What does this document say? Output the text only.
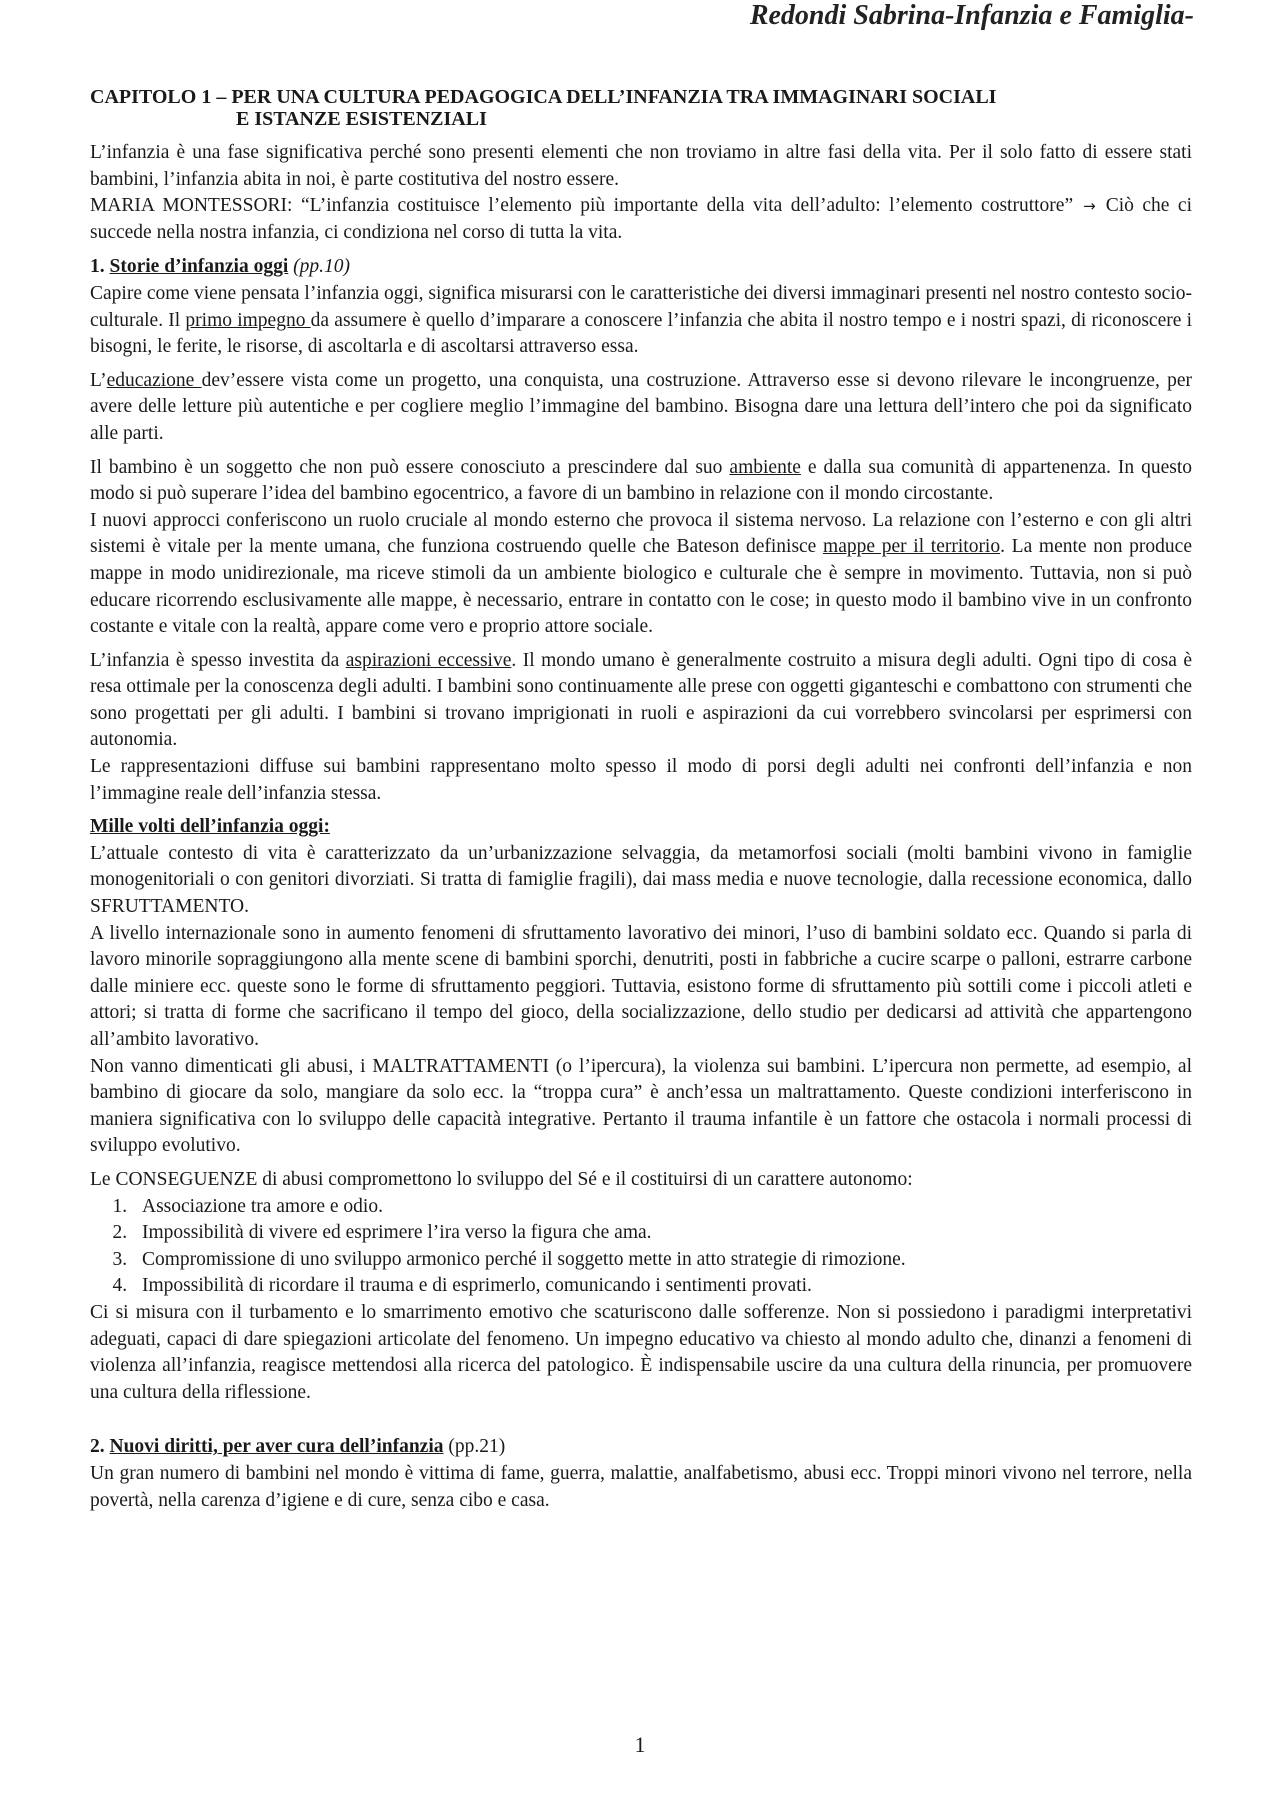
Redondi Sabrina-Infanzia e Famiglia-
CAPITOLO 1 – PER UNA CULTURA PEDAGOGICA DELL’INFANZIA TRA IMMAGINARI SOCIALI
E ISTANZE ESISTENZIALI

L’infanzia è una fase significativa perché sono presenti elementi che non troviamo in altre fasi della vita. Per il solo fatto di essere stati bambini, l’infanzia abita in noi, è parte costitutiva del nostro essere.

MARIA MONTESSORI: “L’infanzia costituisce l’elemento più importante della vita dell’adulto: l’elemento costruttore” → Ciò che ci succede nella nostra infanzia, ci condiziona nel corso di tutta la vita.

1. Storie d’infanzia oggi (pp.10)

Capire come viene pensata l’infanzia oggi, significa misurarsi con le caratteristiche dei diversi immaginari presenti nel nostro contesto socio-culturale. Il primo impegno da assumere è quello d’imparare a conoscere l’infanzia che abita il nostro tempo e i nostri spazi, di riconoscere i bisogni, le ferite, le risorse, di ascoltarla e di ascoltarsi attraverso essa.

L’educazione dev’essere vista come un progetto, una conquista, una costruzione. Attraverso esse si devono rilevare le incongruenze, per avere delle letture più autentiche e per cogliere meglio l’immagine del bambino. Bisogna dare una lettura dell’intero che poi da significato alle parti.

Il bambino è un soggetto che non può essere conosciuto a prescindere dal suo ambiente e dalla sua comunità di appartenenza. In questo modo si può superare l’idea del bambino egocentrico, a favore di un bambino in relazione con il mondo circostante.

I nuovi approcci conferiscono un ruolo cruciale al mondo esterno che provoca il sistema nervoso. La relazione con l’esterno e con gli altri sistemi è vitale per la mente umana, che funziona costruendo quelle che Bateson definisce mappe per il territorio. La mente non produce mappe in modo unidirezionale, ma riceve stimoli da un ambiente biologico e culturale che è sempre in movimento. Tuttavia, non si può educare ricorrendo esclusivamente alle mappe, è necessario, entrare in contatto con le cose; in questo modo il bambino vive in un confronto costante e vitale con la realtà, appare come vero e proprio attore sociale.

L’infanzia è spesso investita da aspirazioni eccessive. Il mondo umano è generalmente costruito a misura degli adulti. Ogni tipo di cosa è resa ottimale per la conoscenza degli adulti. I bambini sono continuamente alle prese con oggetti giganteschi e combattono con strumenti che sono progettati per gli adulti. I bambini si trovano imprigionati in ruoli e aspirazioni da cui vorrebbero svincolarsi per esprimersi con autonomia.

Le rappresentazioni diffuse sui bambini rappresentano molto spesso il modo di porsi degli adulti nei confronti dell’infanzia e non l’immagine reale dell’infanzia stessa.

Mille volti dell’infanzia oggi:

L’attuale contesto di vita è caratterizzato da un’urbanizzazione selvaggia, da metamorfosi sociali (molti bambini vivono in famiglie monogenitoriali o con genitori divorziati. Si tratta di famiglie fragili), dai mass media e nuove tecnologie, dalla recessione economica, dallo SFRUTTAMENTO.

A livello internazionale sono in aumento fenomeni di sfruttamento lavorativo dei minori, l’uso di bambini soldato ecc. Quando si parla di lavoro minorile sopraggiungono alla mente scene di bambini sporchi, denutriti, posti in fabbriche a cucire scarpe o palloni, estrarre carbone dalle miniere ecc. queste sono le forme di sfruttamento peggiori. Tuttavia, esistono forme di sfruttamento più sottili come i piccoli atleti e attori; si tratta di forme che sacrificano il tempo del gioco, della socializzazione, dello studio per dedicarsi ad attività che appartengono all’ambito lavorativo.

Non vanno dimenticati gli abusi, i MALTRATTAMENTI (o l’ipercura), la violenza sui bambini. L’ipercura non permette, ad esempio, al bambino di giocare da solo, mangiare da solo ecc. la “troppa cura” è anch’essa un maltrattamento. Queste condizioni interferiscono in maniera significativa con lo sviluppo delle capacità integrative. Pertanto il trauma infantile è un fattore che ostacola i normali processi di sviluppo evolutivo.

Le CONSEGUENZE di abusi compromettono lo sviluppo del Sé e il costituirsi di un carattere autonomo:

1. Associazione tra amore e odio.
2. Impossibilità di vivere ed esprimere l’ira verso la figura che ama.
3. Compromissione di uno sviluppo armonico perché il soggetto mette in atto strategie di rimozione.
4. Impossibilità di ricordare il trauma e di esprimerlo, comunicando i sentimenti provati.

Ci si misura con il turbamento e lo smarrimento emotivo che scaturiscono dalle sofferenze. Non si possiedono i paradigmi interpretativi adeguati, capaci di dare spiegazioni articolate del fenomeno. Un impegno educativo va chiesto al mondo adulto che, dinanzi a fenomeni di violenza all’infanzia, reagisce mettendosi alla ricerca del patologico. È indispensabile uscire da una cultura della rinuncia, per promuovere una cultura della riflessione.

2. Nuovi diritti, per aver cura dell’infanzia (pp.21)

Un gran numero di bambini nel mondo è vittima di fame, guerra, malattie, analfabetismo, abusi ecc. Troppi minori vivono nel terrore, nella povertà, nella carenza d’igiene e di cure, senza cibo e casa.

1
